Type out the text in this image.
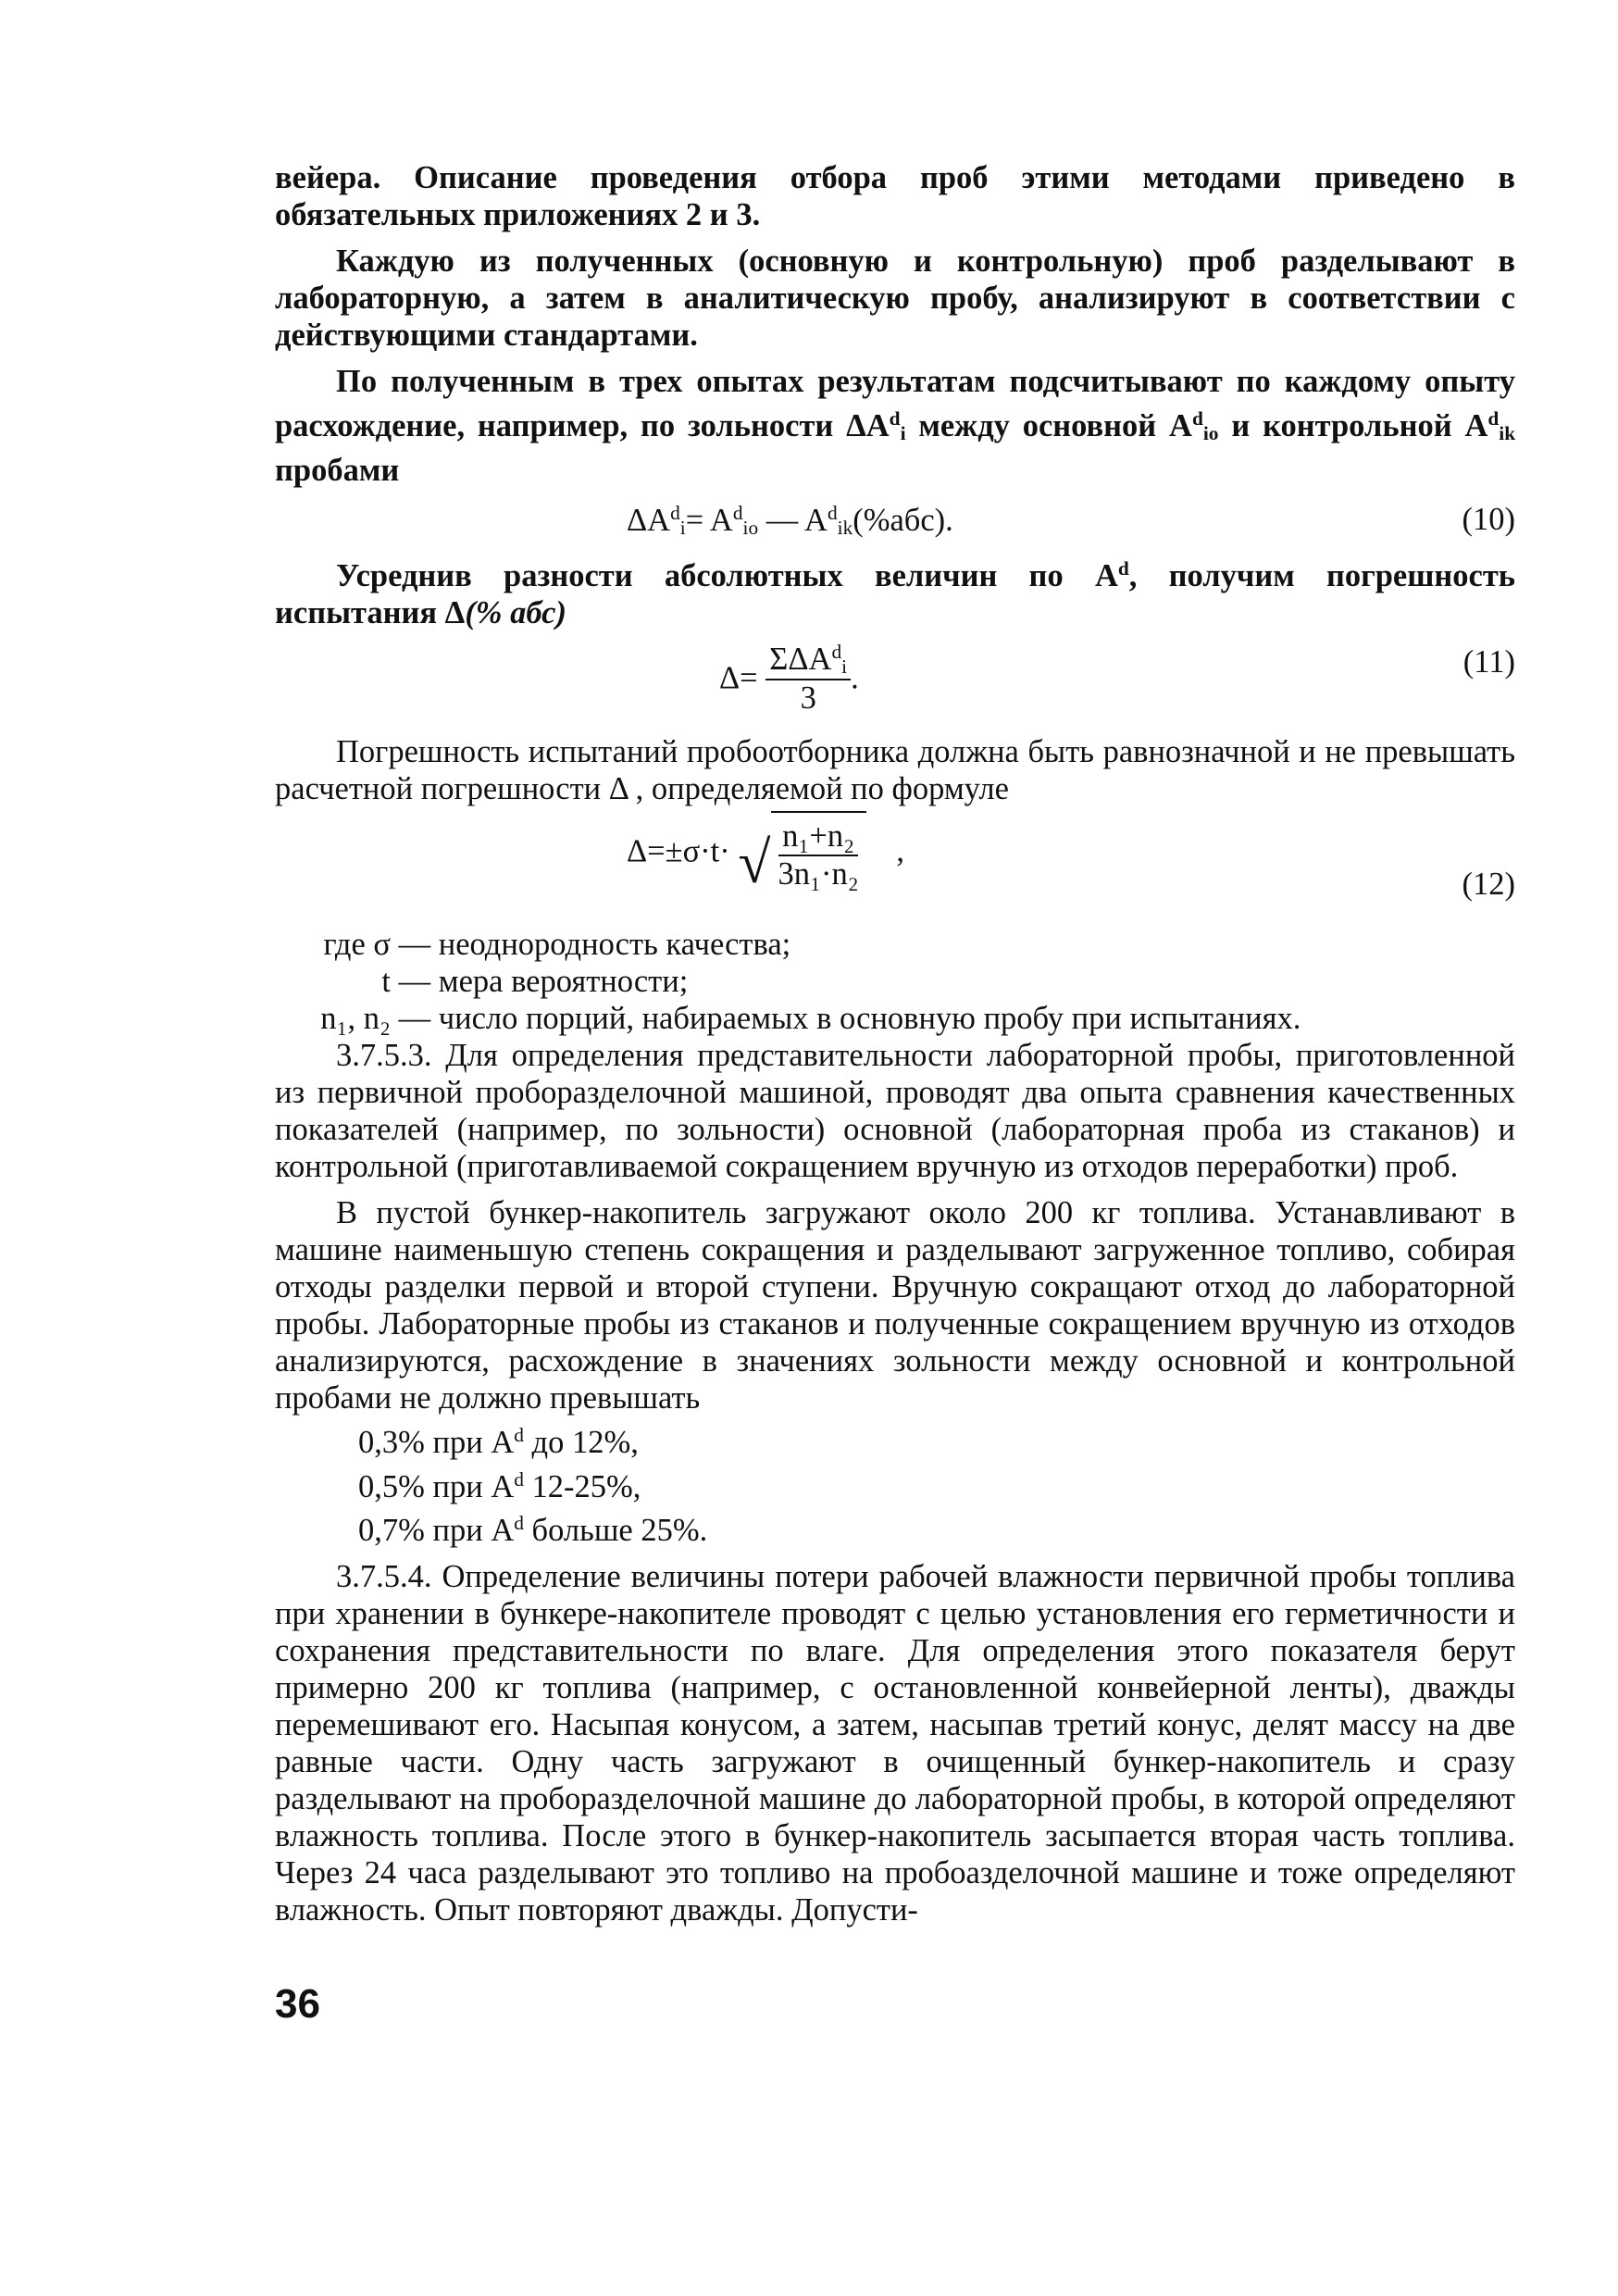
вейера. Описание проведения отбора проб этими методами приведено в обязательных приложениях 2 и 3.

Каждую из полученных (основную и контрольную) проб разделывают в лабораторную, а затем в аналитическую пробу, анализируют в соответствии с действующими стандартами.

По полученным в трех опытах результатам подсчитывают по каждому опыту расхождение, например, по зольности $\Delta A^d_i$ между основной $A^d_{io}$ и контрольной $A^d_{ik}$ пробами

$\Delta A^d_i= A^d_{io}$ — $A^d_{ik}(\%абс)$.	(10)

Усреднив разности абсолютных величин по $A^d$, получим погрешность испытания Δ(% абс)

$\Delta= \frac{\Sigma\Delta A^d_i}{3}$ .	(11)

Погрешность испытаний пробоотборника должна быть равнозначной и не превышать расчетной погрешности Δ , определяемой по формуле

Δ=±σ·t· √ $\frac{\text{n₁+n₂}}{\text{3n₁·n₂}}$ ,
(12)
где σ — неоднородность качества;
t — мера вероятности;
n₁, n₂ — число порций, набираемых в основную пробу при испытаниях.

3.7.5.3. Для определения представительности лабораторной пробы, приготовленной из первичной проборазделочной машиной, проводят два опыта сравнения качественных показателей (например, по зольности) основной (лабораторная проба из стаканов) и контрольной (приготавливаемой сокращением вручную из отходов переработки) проб.

В пустой бункер-накопитель загружают около 200 кг топлива. Устанавливают в машине наименьшую степень сокращения и разделывают загруженное топливо, собирая отходы разделки первой и второй ступени. Вручную сокращают отход до лабораторной пробы. Лабораторные пробы из стаканов и полученные сокращением вручную из отходов анализируются, расхождение в значениях зольности между основной и контрольной пробами не должно превышать

0,3% при $A^d$ до 12%,

0,5% при $A^d$ 12-25%,

0,7% при $A^d$ больше 25%.

3.7.5.4. Определение величины потери рабочей влажности первичной пробы топлива при хранении в бункере-накопителе проводят с целью установления его герметичности и сохранения представительности по влаге. Для определения этого показателя берут примерно 200 кг топлива (например, с остановленной конвейерной ленты), дважды перемешивают его. Насыпая конусом, а затем, насыпав третий конус, делят массу на две равные части. Одну часть загружают в очищенный бункер-накопитель и сразу разделывают на проборазделочной машине до лабораторной пробы, в которой определяют влажность топлива. После этого в бункер-накопитель засыпается вторая часть топлива. Через 24 часа разделывают это топливо на пробоазделочной машине и тоже определяют влажность. Опыт повторяют дважды. Допусти-

36
